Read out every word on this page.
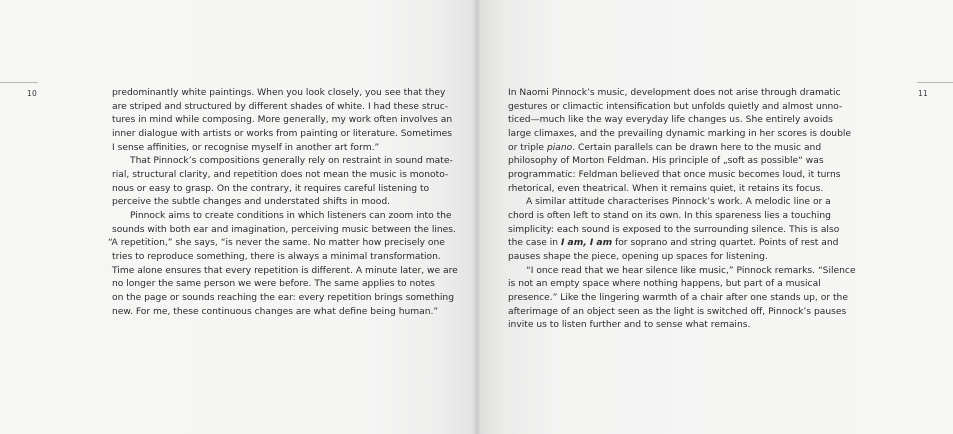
10	11
predominantly white paintings. When you look closely, you see that they
are striped and structured by different shades of white. I had these struc-
tures in mind while composing. More generally, my work often involves an
inner dialogue with artists or works from painting or literature. Sometimes
I sense affinities, or recognise myself in another art form.”
That Pinnock’s compositions generally rely on restraint in sound mate-
rial, structural clarity, and repetition does not mean the music is monoto-
nous or easy to grasp. On the contrary, it requires careful listening to
perceive the subtle changes and understated shifts in mood.
Pinnock aims to create conditions in which listeners can zoom into the
sounds with both ear and imagination, perceiving music between the lines.
“A repetition,” she says, “is never the same. No matter how precisely one
tries to reproduce something, there is always a minimal transformation.
Time alone ensures that every repetition is different. A minute later, we are
no longer the same person we were before. The same applies to notes
on the page or sounds reaching the ear: every repetition brings something
new. For me, these continuous changes are what define being human.”
In Naomi Pinnock’s music, development does not arise through dramatic
gestures or climactic intensification but unfolds quietly and almost unno-
ticed—much like the way everyday life changes us. She entirely avoids
large climaxes, and the prevailing dynamic marking in her scores is double
or triple piano. Certain parallels can be drawn here to the music and
philosophy of Morton Feldman. His principle of „soft as possible“ was
programmatic: Feldman believed that once music becomes loud, it turns
rhetorical, even theatrical. When it remains quiet, it retains its focus.
A similar attitude characterises Pinnock’s work. A melodic line or a
chord is often left to stand on its own. In this spareness lies a touching
simplicity: each sound is exposed to the surrounding silence. This is also
the case in I am, I am for soprano and string quartet. Points of rest and
pauses shape the piece, opening up spaces for listening.
“I once read that we hear silence like music,” Pinnock remarks. “Silence
is not an empty space where nothing happens, but part of a musical
presence.” Like the lingering warmth of a chair after one stands up, or the
afterimage of an object seen as the light is switched off, Pinnock’s pauses
invite us to listen further and to sense what remains.
